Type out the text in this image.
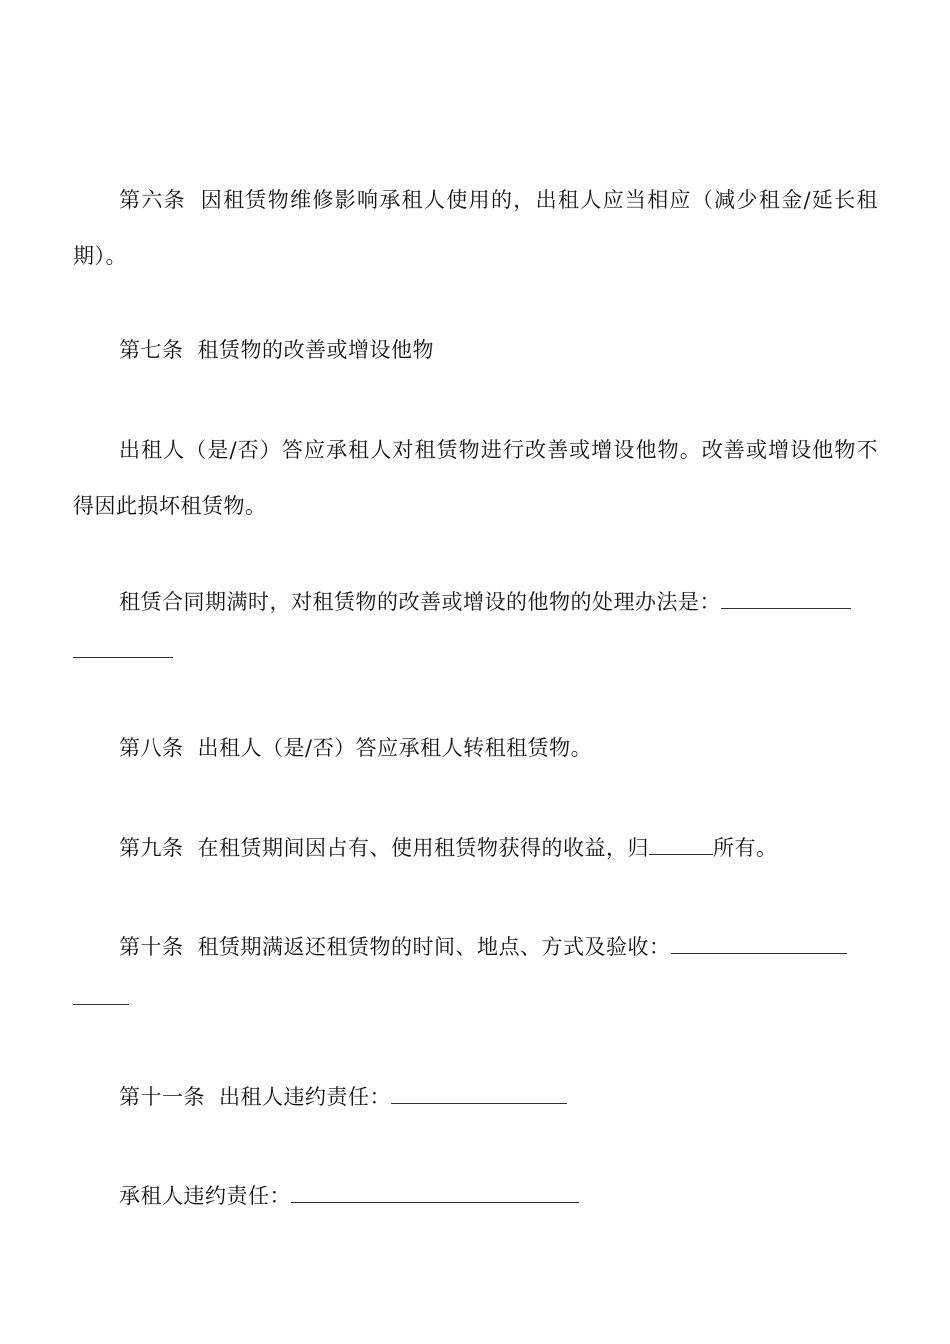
第六条 因租赁物维修影响承租人使用的，出租人应当相应（减少租金/延长租期）。

第七条 租赁物的改善或增设他物

出租人（是/否）答应承租人对租赁物进行改善或增设他物。改善或增设他物不得因此损坏租赁物。

租赁合同期满时，对租赁物的改善或增设的他物的处理办法是：

第八条 出租人（是/否）答应承租人转租租赁物。

第九条 在租赁期间因占有、使用租赁物获得的收益，归	所有。

第十条 租赁期满返还租赁物的时间、地点、方式及验收：

第十一条 出租人违约责任：

承租人违约责任：
